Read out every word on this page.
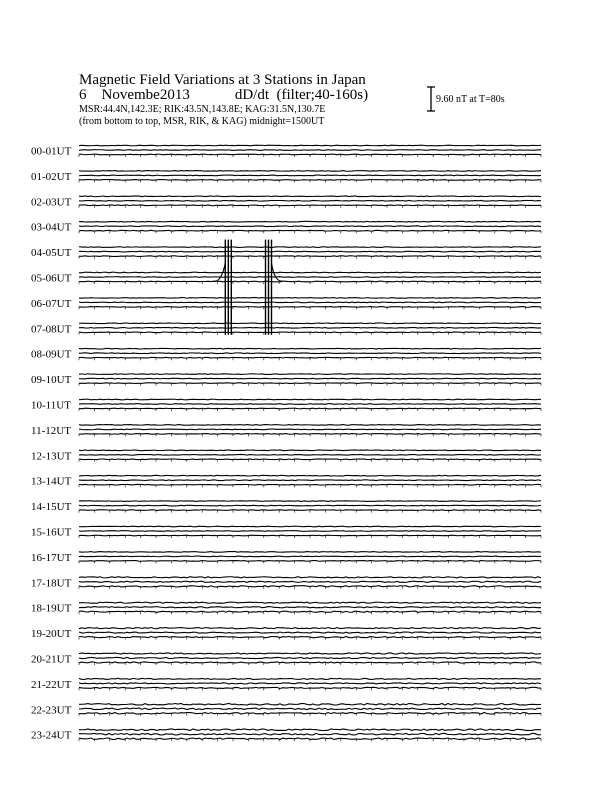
Magnetic Field Variations at 3 Stations in Japan
6    Novembe2013	dD/dt  (filter;40-160s)
MSR:44.4N,142.3E; RIK:43.5N,143.8E; KAG:31.5N,130.7E
(from bottom to top, MSR, RIK, & KAG) midnight=1500UT
9.60 nT at T=80s
00-01UT
01-02UT
02-03UT
03-04UT
04-05UT
05-06UT
06-07UT
07-08UT
08-09UT
09-10UT
10-11UT
11-12UT
12-13UT
13-14UT
14-15UT
15-16UT
16-17UT
17-18UT
18-19UT
19-20UT
20-21UT
21-22UT
22-23UT
23-24UT
